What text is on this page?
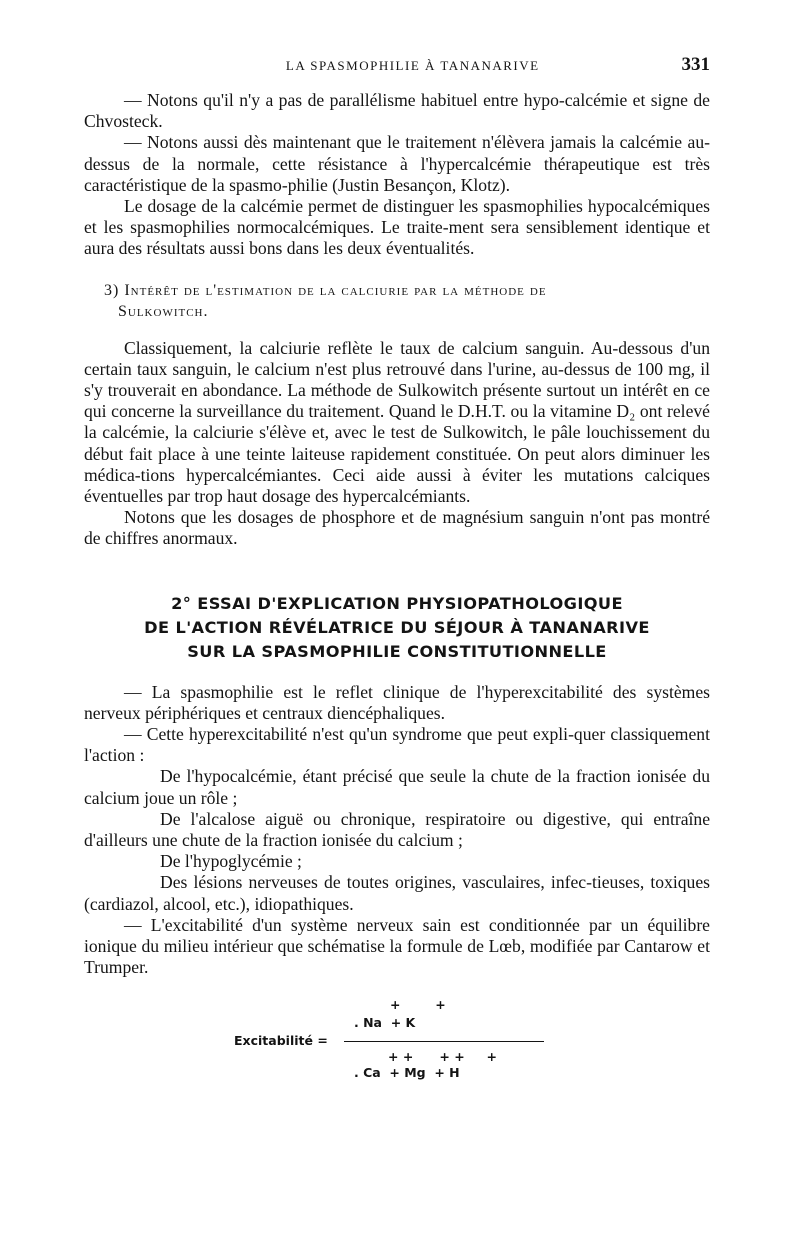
LA SPASMOPHILIE À TANANARIVE	331

— Notons qu'il n'y a pas de parallélisme habituel entre hypo-calcémie et signe de Chvosteck.

— Notons aussi dès maintenant que le traitement n'élèvera jamais la calcémie au-dessus de la normale, cette résistance à l'hypercalcémie thérapeutique est très caractéristique de la spasmo-philie (Justin Besançon, Klotz).

Le dosage de la calcémie permet de distinguer les spasmophilies hypocalcémiques et les spasmophilies normocalcémiques. Le traite-ment sera sensiblement identique et aura des résultats aussi bons dans les deux éventualités.

3) Intérêt de l'estimation de la calciurie par la méthode de
Sulkowitch.

Classiquement, la calciurie reflète le taux de calcium sanguin. Au-dessous d'un certain taux sanguin, le calcium n'est plus retrouvé dans l'urine, au-dessus de 100 mg, il s'y trouverait en abondance. La méthode de Sulkowitch présente surtout un intérêt en ce qui concerne la surveillance du traitement. Quand le D.H.T. ou la vitamine D₂ ont relevé la calcémie, la calciurie s'élève et, avec le test de Sulkowitch, le pâle louchissement du début fait place à une teinte laiteuse rapidement constituée. On peut alors diminuer les médica-tions hypercalcémiantes. Ceci aide aussi à éviter les mutations calciques éventuelles par trop haut dosage des hypercalcémiants.

Notons que les dosages de phosphore et de magnésium sanguin n'ont pas montré de chiffres anormaux.

2° ESSAI D'EXPLICATION PHYSIOPATHOLOGIQUE
DE L'ACTION RÉVÉLATRICE DU SÉJOUR À TANANARIVE
SUR LA SPASMOPHILIE CONSTITUTIONNELLE

— La spasmophilie est le reflet clinique de l'hyperexcitabilité des systèmes nerveux périphériques et centraux diencéphaliques.

— Cette hyperexcitabilité n'est qu'un syndrome que peut expli-quer classiquement l'action :

De l'hypocalcémie, étant précisé que seule la chute de la fraction ionisée du calcium joue un rôle ;

De l'alcalose aiguë ou chronique, respiratoire ou digestive, qui entraîne d'ailleurs une chute de la fraction ionisée du calcium ;

De l'hypoglycémie ;

Des lésions nerveuses de toutes origines, vasculaires, infec-tieuses, toxiques (cardiazol, alcool, etc.), idiopathiques.

— L'excitabilité d'un système nerveux sain est conditionnée par un équilibre ionique du milieu intérieur que schématise la formule de Lœb, modifiée par Cantarow et Trumper.

+        +
. Na  + K
Excitabilité =
+ +      + +     +
. Ca  + Mg  + H
